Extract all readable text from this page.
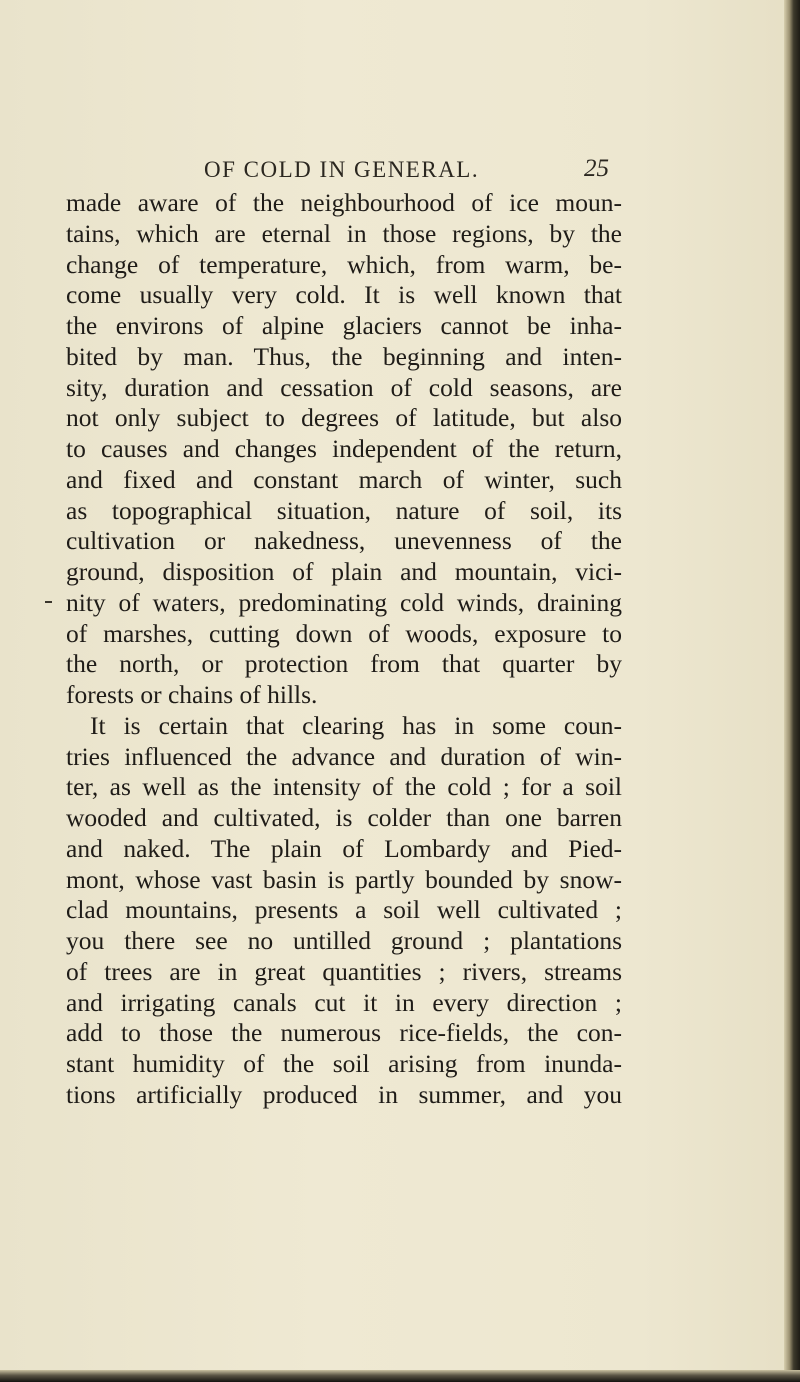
OF COLD IN GENERAL.	25
made aware of the neighbourhood of ice moun-
tains, which are eternal in those regions, by the
change of temperature, which, from warm, be-
come usually very cold. It is well known that
the environs of alpine glaciers cannot be inha-
bited by man. Thus, the beginning and inten-
sity, duration and cessation of cold seasons, are
not only subject to degrees of latitude, but also
to causes and changes independent of the return,
and fixed and constant march of winter, such
as topographical situation, nature of soil, its
cultivation or nakedness, unevenness of the
ground, disposition of plain and mountain, vici-
nity of waters, predominating cold winds, draining
of marshes, cutting down of woods, exposure to
the north, or protection from that quarter by
forests or chains of hills.
It is certain that clearing has in some coun-
tries influenced the advance and duration of win-
ter, as well as the intensity of the cold ; for a soil
wooded and cultivated, is colder than one barren
and naked. The plain of Lombardy and Pied-
mont, whose vast basin is partly bounded by snow-
clad mountains, presents a soil well cultivated ;
you there see no untilled ground ; plantations
of trees are in great quantities ; rivers, streams
and irrigating canals cut it in every direction ;
add to those the numerous rice-fields, the con-
stant humidity of the soil arising from inunda-
tions artificially produced in summer, and you
